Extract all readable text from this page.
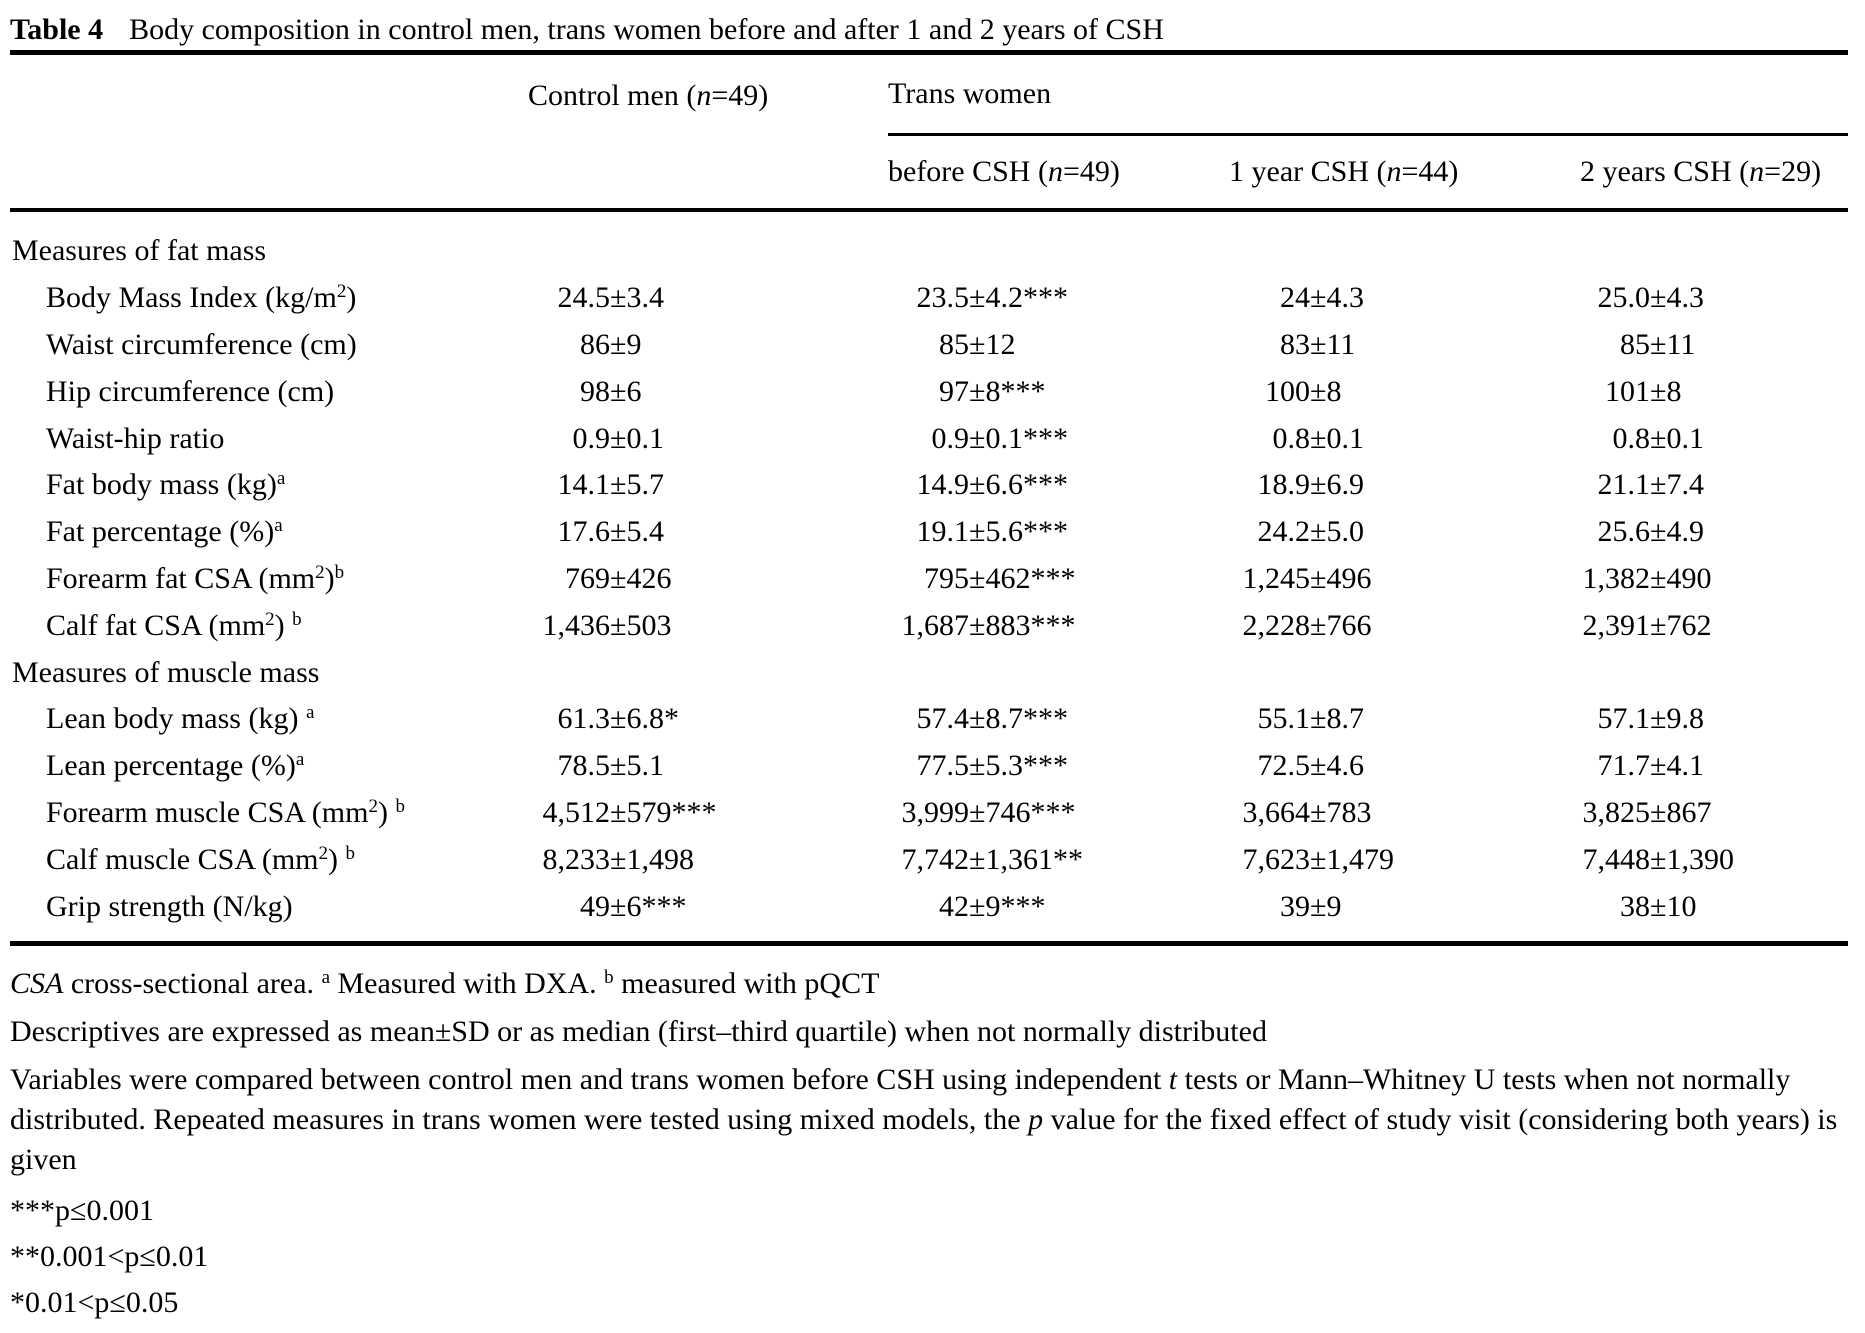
Table 4 Body composition in control men, trans women before and after 1 and 2 years of CSH
Control men ( n =49)	Trans women
before CSH ( n =49)	1 year CSH ( n =44)	2 years CSH ( n =29)
Measures of fat mass
Body Mass Index $(kg/m^2)$	24.5±3.4	23.5±4.2***	24±4.3	25.0±4.3
Waist circumference (cm)	86±9	85±12	83±11	85±11
Hip circumference (cm)	98±6	97±8***	100±8	101±8
Waist-hip ratio	0.9±0.1	0.9±0.1***	0.8±0.1	0.8±0.1
Fat body mass (kg)$^a$	14.1±5.7	14.9±6.6***	18.9±6.9	21.1±7.4
Fat percentage (%)$^a$	17.6±5.4	19.1±5.6***	24.2±5.0	25.6±4.9
Forearm fat CSA $(mm^2)^b$	769±426	795±462***	1,245±496	1,382±490
Calf fat CSA $(mm^2)$ $^b$	1,436±503	1,687±883***	2,228±766	2,391±762
Measures of muscle mass
Lean body mass (kg) $^a$	61.3±6.8*	57.4±8.7***	55.1±8.7	57.1±9.8
Lean percentage (%)$^a$	78.5±5.1	77.5±5.3***	72.5±4.6	71.7±4.1
Forearm muscle CSA $(mm^2)$ $^b$	4,512±579***	3,999±746***	3,664±783	3,825±867
Calf muscle CSA $(mm^2)$ $^b$	8,233±1,498	7,742±1,361**	7,623±1,479	7,448±1,390
Grip strength (N/kg)	49±6***	42±9***	39±9	38±10
CSA cross-sectional area. $^a$ Measured with DXA. $^b$ measured with pQCT
Descriptives are expressed as mean±SD or as median (first–third quartile) when not normally distributed
Variables were compared between control men and trans women before CSH using independent t tests or Mann–Whitney U tests when not normally distributed. Repeated measures in trans women were tested using mixed models, the p value for the fixed effect of study visit (considering both years) is given
***p≤0.001
**0.001<p≤0.01
*0.01<p≤0.05
